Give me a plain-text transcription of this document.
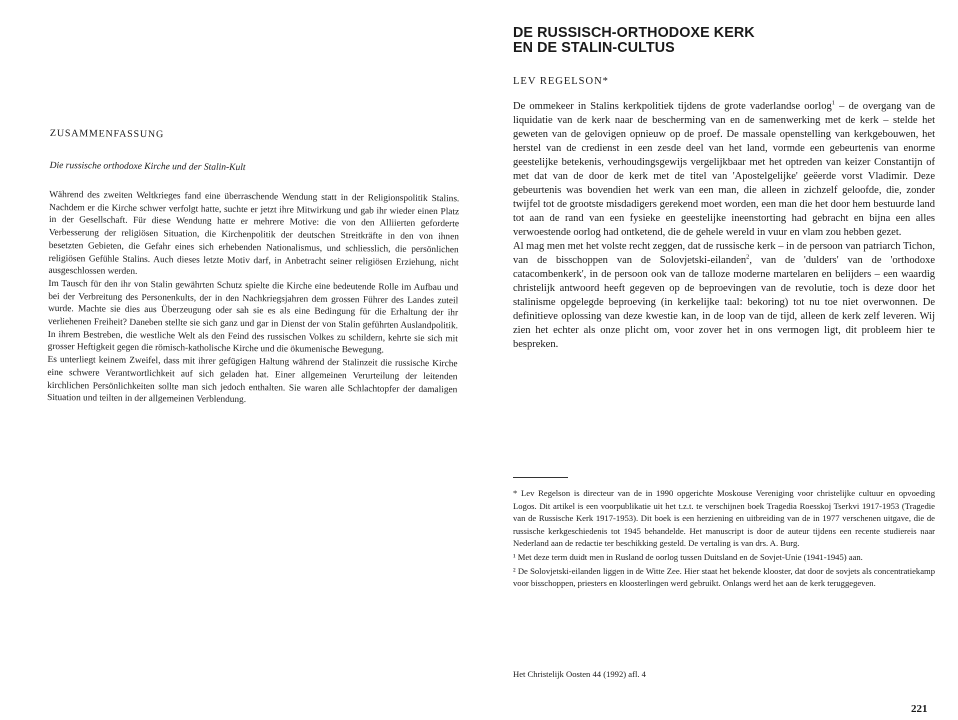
ZUSAMMENFASSUNG
Die russische orthodoxe Kirche und der Stalin-Kult

Während des zweiten Weltkrieges fand eine überraschende Wendung statt in der Religionspolitik Stalins. Nachdem er die Kirche schwer verfolgt hatte, suchte er jetzt ihre Mitwirkung und gab ihr wieder einen Platz in der Gesellschaft. Für diese Wendung hatte er mehrere Motive: die von den Alliierten geforderte Verbesserung der religiösen Situation, die Kirchenpolitik der deutschen Streitkräfte in den von ihnen besetzten Gebieten, die Gefahr eines sich erhebenden Nationalismus, und schliesslich, die persönlichen religiösen Gefühle Stalins. Auch dieses letzte Motiv darf, in Anbetracht seiner religiösen Erziehung, nicht ausgeschlossen werden.

Im Tausch für den ihr von Stalin gewährten Schutz spielte die Kirche eine bedeutende Rolle im Aufbau und bei der Verbreitung des Personenkults, der in den Nachkriegsjahren dem grossen Führer des Landes zuteil wurde. Machte sie dies aus Überzeugung oder sah sie es als eine Bedingung für die Erhaltung der ihr verliehenen Freiheit? Daneben stellte sie sich ganz und gar in Dienst der von Stalin geführten Auslandpolitik. In ihrem Bestreben, die westliche Welt als den Feind des russischen Volkes zu schildern, kehrte sie sich mit grosser Heftigkeit gegen die römisch-katholische Kirche und die ökumenische Bewegung.

Es unterliegt keinem Zweifel, dass mit ihrer gefügigen Haltung während der Stalinzeit die russische Kirche eine schwere Verantwortlichkeit auf sich geladen hat. Einer allgemeinen Verurteilung der leitenden kirchlichen Persönlichkeiten sollte man sich jedoch enthalten. Sie waren alle Schlachtopfer der damaligen Situation und teilten in der allgemeinen Verblendung.

DE RUSSISCH-ORTHODOXE KERK
EN DE STALIN-CULTUS
LEV REGELSON*

De ommekeer in Stalins kerkpolitiek tijdens de grote vaderlandse oorlog$^1$ – de overgang van de liquidatie van de kerk naar de bescherming van en de samenwerking met de kerk – stelde het geweten van de gelovigen opnieuw op de proef. De massale openstelling van kerkgebouwen, het herstel van de credienst in een zesde deel van het land, vormde een gebeurtenis van enorme geestelijke betekenis, verhoudingsgewijs vergelijkbaar met het optreden van keizer Constantijn of met dat van de door de kerk met de titel van 'Apostelgelijke' geëerde vorst Vladimir. Deze gebeurtenis was bovendien het werk van een man, die alleen in zichzelf geloofde, die, zonder twijfel tot de grootste misdadigers gerekend moet worden, een man die het door hem bestuurde land tot aan de rand van een fysieke en geestelijke ineenstorting had gebracht en bijna een alles verwoestende oorlog had ontketend, die de gehele wereld in vuur en vlam zou hebben gezet.

Al mag men met het volste recht zeggen, dat de russische kerk – in de persoon van patriarch Tichon, van de bisschoppen van de Solovjetski-eilanden$^2$, van de 'dulders' van de 'orthodoxe catacombenkerk', in de persoon ook van de talloze moderne martelaren en belijders – een waardig christelijk antwoord heeft gegeven op de beproevingen van de revolutie, toch is deze door het stalinisme opgelegde beproeving (in kerkelijke taal: bekoring) tot nu toe niet overwonnen. De definitieve oplossing van deze kwestie kan, in de loop van de tijd, alleen de kerk zelf leveren. Wij zien het echter als onze plicht om, voor zover het in ons vermogen ligt, dit probleem hier te bespreken.

* Lev Regelson is directeur van de in 1990 opgerichte Moskouse Vereniging voor christelijke cultuur en opvoeding Logos. Dit artikel is een voorpublikatie uit het t.z.t. te verschijnen boek Tragedia Roesskoj Tserkvi 1917-1953 (Tragedie van de Russische Kerk 1917-1953). Dit boek is een herziening en uitbreiding van de in 1977 verschenen uitgave, die de russische kerkgeschiedenis tot 1945 behandelde. Het manuscript is door de auteur tijdens een recente studiereis naar Nederland aan de redactie ter beschikking gesteld. De vertaling is van drs. A. Burg.

¹ Met deze term duidt men in Rusland de oorlog tussen Duitsland en de Sovjet-Unie (1941-1945) aan.

² De Solovjetski-eilanden liggen in de Witte Zee. Hier staat het bekende klooster, dat door de sovjets als concentratiekamp voor bisschoppen, priesters en kloosterlingen werd gebruikt. Onlangs werd het aan de kerk teruggegeven.

Het Christelijk Oosten 44 (1992) afl. 4
221
